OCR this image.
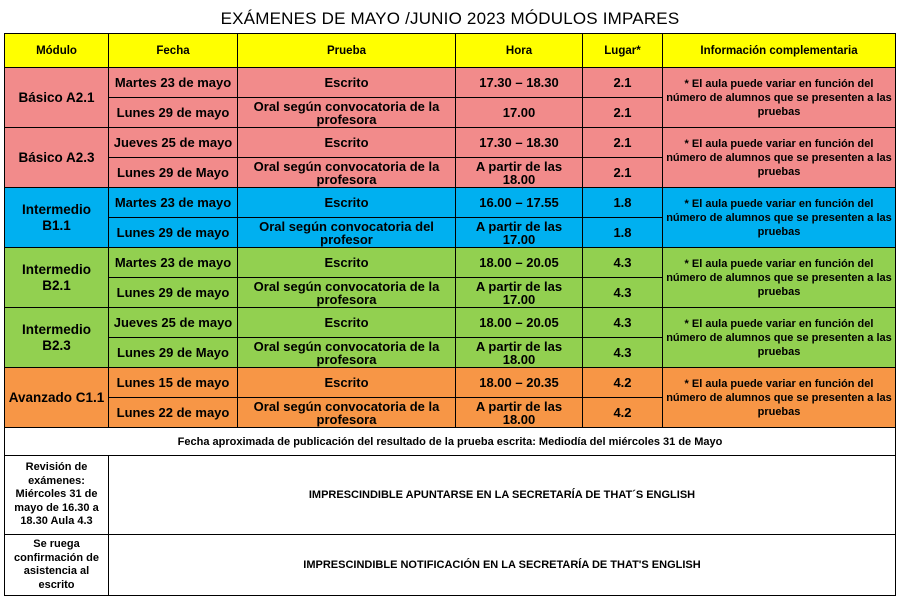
EXÁMENES DE MAYO /JUNIO 2023 MÓDULOS IMPARES
Módulo	Fecha	Prueba	Hora	Lugar*	Información complementaria
Básico A2.1	Martes 23 de mayo	Escrito	17.30 – 18.30	2.1	* El aula puede variar en función del número de alumnos que se presenten a las pruebas
	Lunes 29 de mayo	Oral según convocatoria de la profesora	17.00	2.1	
Básico A2.3	Jueves 25 de mayo	Escrito	17.30 – 18.30	2.1	* El aula puede variar en función del número de alumnos que se presenten a las pruebas
	Lunes 29 de Mayo	Oral según convocatoria de la profesora	A partir de las 18.00	2.1	
Intermedio B1.1	Martes 23 de mayo	Escrito	16.00 – 17.55	1.8	* El aula puede variar en función del número de alumnos que se presenten a las pruebas
	Lunes 29 de mayo	Oral según convocatoria del profesor	A partir de las 17.00	1.8	
Intermedio B2.1	Martes 23 de mayo	Escrito	18.00 – 20.05	4.3	* El aula puede variar en función del número de alumnos que se presenten a las pruebas
	Lunes 29 de mayo	Oral según convocatoria de la profesora	A partir de las 17.00	4.3	
Intermedio B2.3	Jueves 25 de mayo	Escrito	18.00 – 20.05	4.3	* El aula puede variar en función del número de alumnos que se presenten a las pruebas
	Lunes 29 de Mayo	Oral según convocatoria de la profesora	A partir de las 18.00	4.3	
Avanzado C1.1	Lunes 15 de mayo	Escrito	18.00 – 20.35	4.2	* El aula puede variar en función del número de alumnos que se presenten a las pruebas
	Lunes 22 de mayo	Oral según convocatoria de la profesora	A partir de las 18.00	4.2	
Fecha aproximada de publicación del resultado de la prueba escrita: Mediodía del miércoles 31 de Mayo					
Revisión de exámenes: Miércoles 31 de mayo de 16.30 a 18.30 Aula 4.3	IMPRESCINDIBLE APUNTARSE EN LA SECRETARÍA DE THAT´S ENGLISH				
Se ruega confirmación de asistencia al escrito	IMPRESCINDIBLE NOTIFICACIÓN EN LA SECRETARÍA DE THAT'S ENGLISH				
